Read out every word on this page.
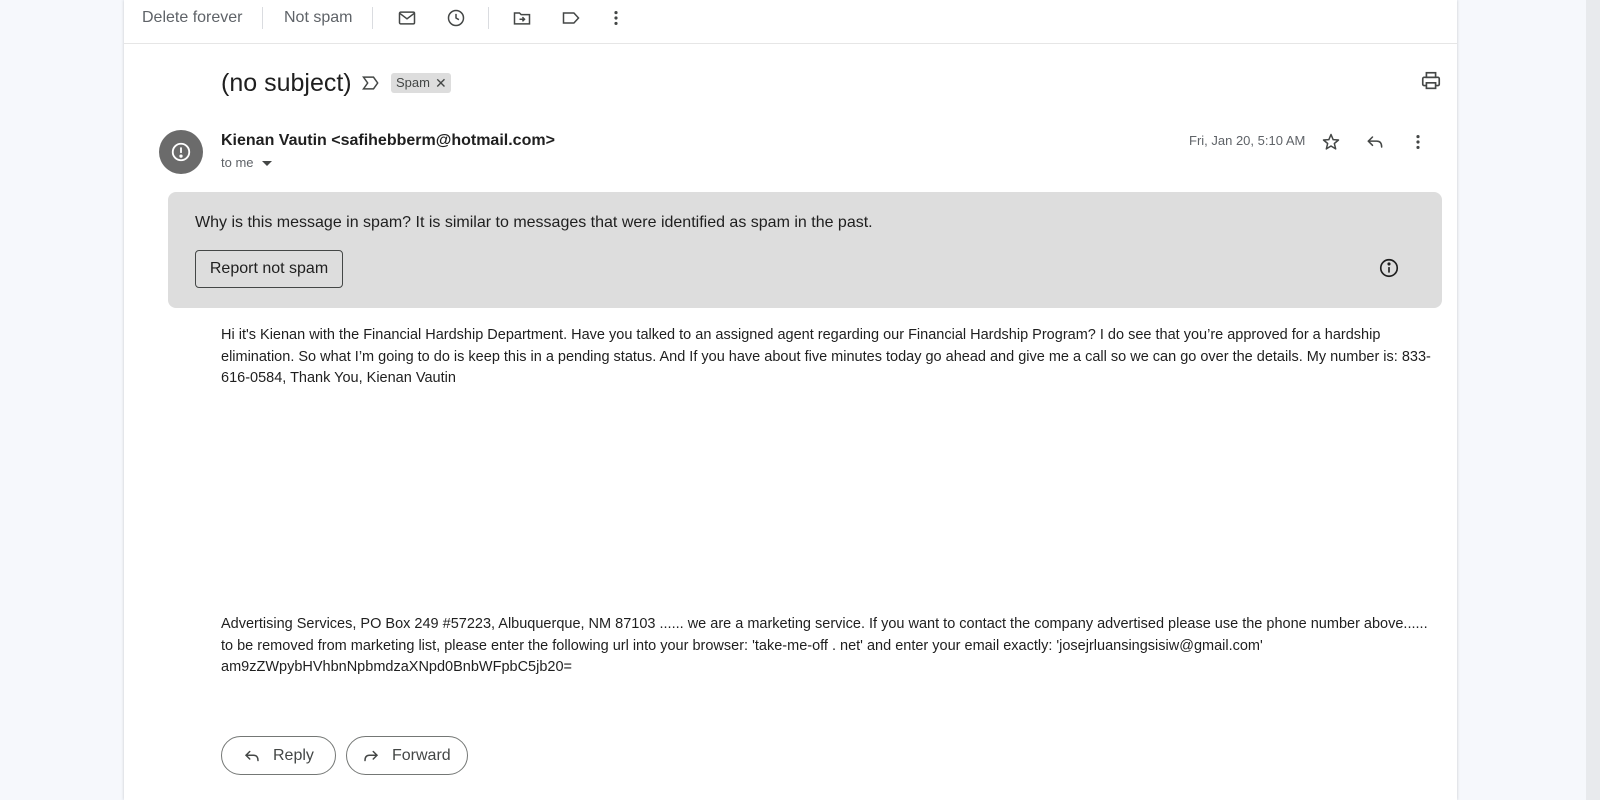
Delete forever	Not spam
(no subject)	Spam ✕
Kienan Vautin <safihebberm@hotmail.com>
to me
Fri, Jan 20, 5:10 AM
Why is this message in spam? It is similar to messages that were identified as spam in the past.
Report not spam
Hi it's Kienan with the Financial Hardship Department. Have you talked to an assigned agent regarding our Financial Hardship Program? I do see that you’re approved for a hardship elimination. So what I’m going to do is keep this in a pending status. And If you have about five minutes today go ahead and give me a call so we can go over the details. My number is: 833-616-0584, Thank You, Kienan Vautin
Advertising Services, PO Box 249 #57223, Albuquerque, NM 87103 ...... we are a marketing service. If you want to contact the company advertised please use the phone number above...... to be removed from marketing list, please enter the following url into your browser: 'take-me-off . net' and enter your email exactly: 'josejrluansingsisiw@gmail.com' am9zZWpybHVhbnNpbmdzaXNpd0BnbWFpbC5jb20=
Reply	Forward
